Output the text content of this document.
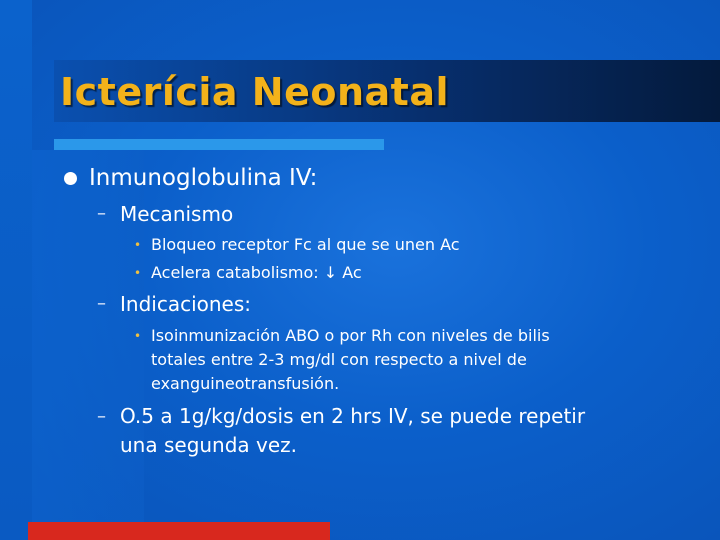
Icterícia Neonatal
Inmunoglobulina IV:
– Mecanismo
• Bloqueo receptor Fc al que se unen Ac
• Acelera catabolismo: ↓ Ac
– Indicaciones:
• Isoinmunización ABO o por Rh con niveles de bilis
totales entre 2-3 mg/dl con respecto a nivel de
exanguineotransfusión.
– O.5 a 1g/kg/dosis en 2 hrs IV, se puede repetir
una segunda vez.
